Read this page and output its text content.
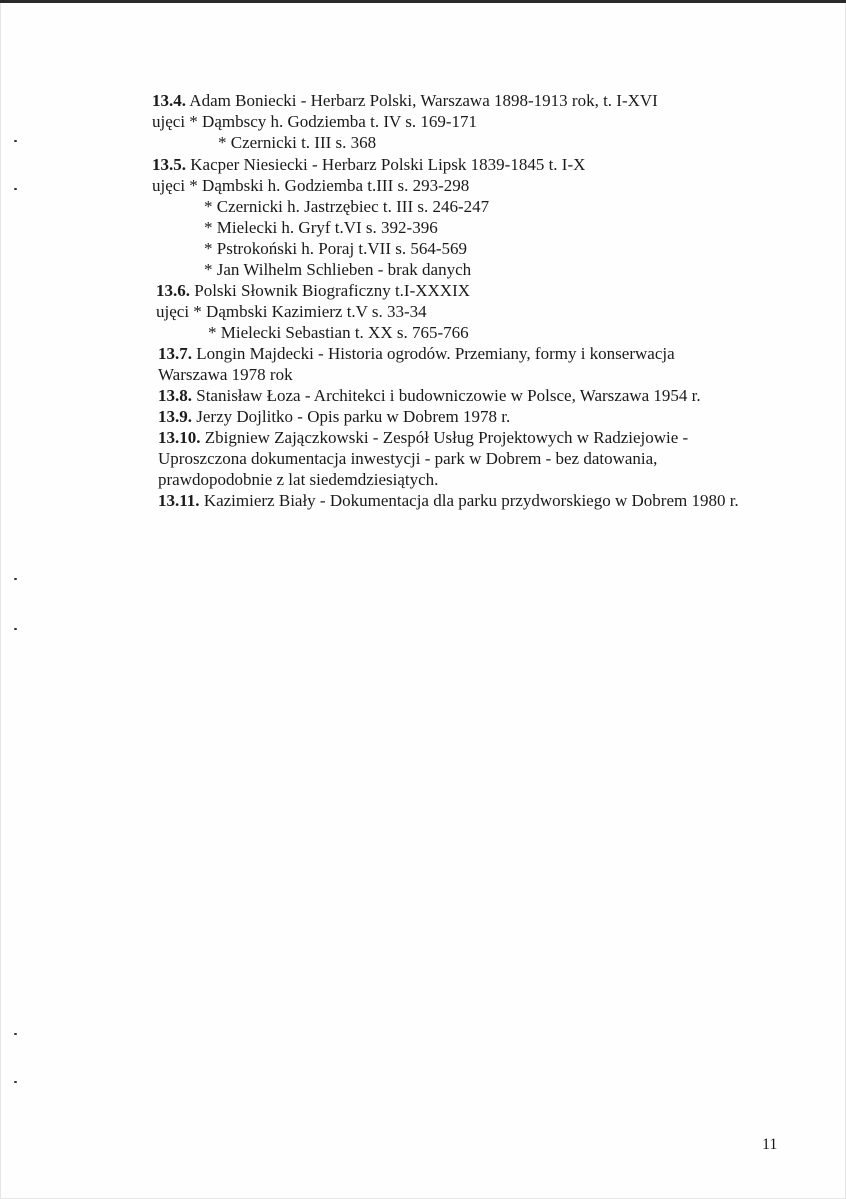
13.4. Adam Boniecki - Herbarz Polski, Warszawa 1898-1913 rok, t. I-XVI
ujęci * Dąmbscy h. Godziemba t. IV s. 169-171
* Czernicki t. III s. 368
13.5. Kacper Niesiecki - Herbarz Polski Lipsk 1839-1845 t. I-X
ujęci * Dąmbski h. Godziemba t.III s. 293-298
* Czernicki h. Jastrzębiec t. III s. 246-247
* Mielecki h. Gryf t.VI s. 392-396
* Pstrokoński h. Poraj t.VII s. 564-569
* Jan Wilhelm Schlieben - brak danych
13.6. Polski Słownik Biograficzny t.I-XXXIX
ujęci * Dąmbski Kazimierz t.V s. 33-34
* Mielecki Sebastian t. XX s. 765-766
13.7. Longin Majdecki - Historia ogrodów. Przemiany, formy i konserwacja
Warszawa 1978 rok
13.8. Stanisław Łoza - Architekci i budowniczowie w Polsce, Warszawa 1954 r.
13.9. Jerzy Dojlitko - Opis parku w Dobrem 1978 r.
13.10. Zbigniew Zajączkowski - Zespół Usług Projektowych w Radziejowie -
Uproszczona dokumentacja inwestycji - park w Dobrem - bez datowania,
prawdopodobnie z lat siedemdziesiątych.
13.11. Kazimierz Biały - Dokumentacja dla parku przydworskiego w Dobrem 1980 r.
11
